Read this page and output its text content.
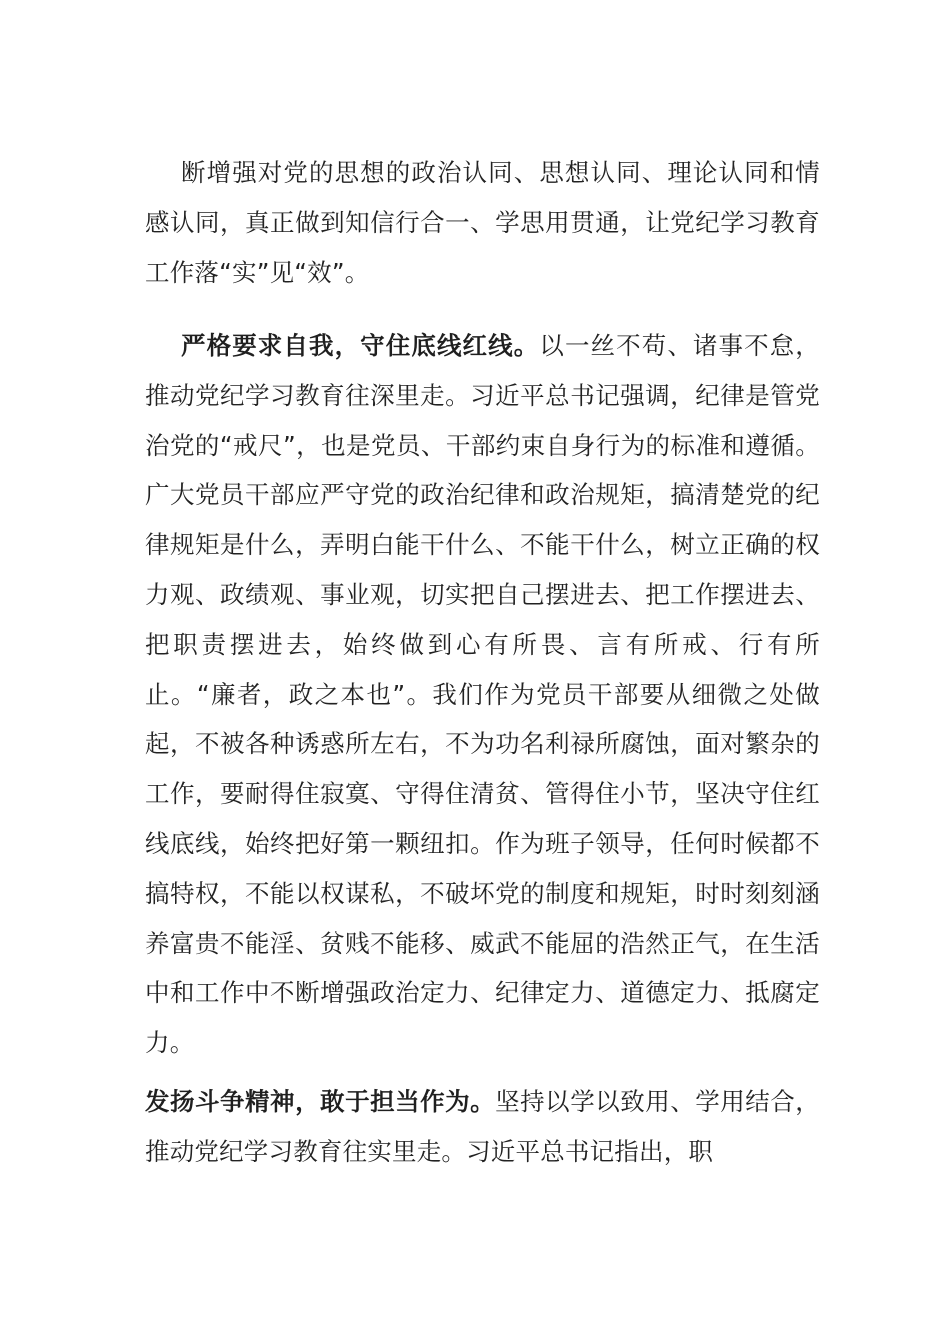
断增强对党的思想的政治认同、思想认同、理论认同和情感认同，真正做到知信行合一、学思用贯通，让党纪学习教育工作落“实”见“效”。

严格要求自我，守住底线红线。以一丝不苟、诸事不怠，推动党纪学习教育往深里走。习近平总书记强调，纪律是管党治党的“戒尺”，也是党员、干部约束自身行为的标准和遵循。广大党员干部应严守党的政治纪律和政治规矩，搞清楚党的纪律规矩是什么，弄明白能干什么、不能干什么，树立正确的权力观、政绩观、事业观，切实把自己摆进去、把工作摆进去、把职责摆进去，始终做到心有所畏、言有所戒、行有所止。“廉者，政之本也”。我们作为党员干部要从细微之处做起，不被各种诱惑所左右，不为功名利禄所腐蚀，面对繁杂的工作，要耐得住寂寞、守得住清贫、管得住小节，坚决守住红线底线，始终把好第一颗纽扣。作为班子领导，任何时候都不搞特权，不能以权谋私，不破坏党的制度和规矩，时时刻刻涵养富贵不能淫、贫贱不能移、威武不能屈的浩然正气，在生活中和工作中不断增强政治定力、纪律定力、道德定力、抵腐定力。

发扬斗争精神，敢于担当作为。坚持以学以致用、学用结合，推动党纪学习教育往实里走。习近平总书记指出，职
